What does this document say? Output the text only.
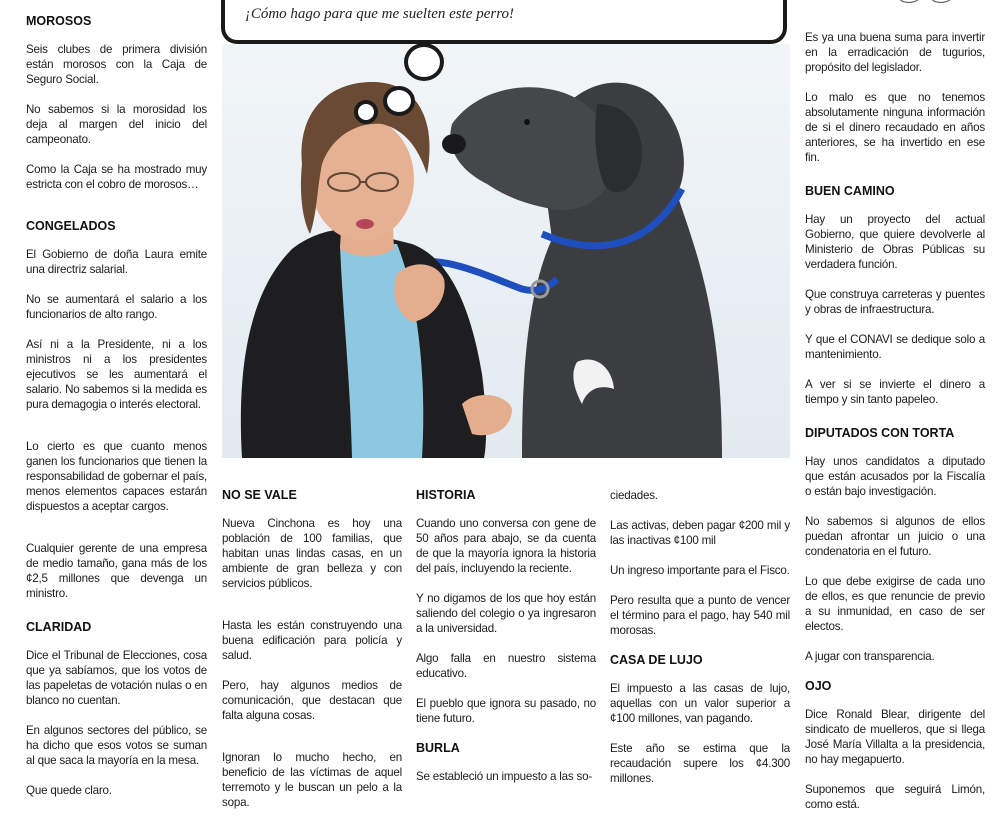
MOROSOS

Seis clubes de primera división están morosos con la Caja de Seguro Social.

No sabemos si la morosidad los deja al margen del inicio del campeonato.

Como la Caja se ha mostrado muy estricta con el cobro de morosos…

CONGELADOS

El Gobierno de doña Laura emite una directriz salarial.

No se aumentará el salario a los funcionarios de alto rango.

Así ni a la Presidente, ni a los ministros ni a los presidentes ejecutivos se les aumentará el salario. No sabemos si la medida es pura demagogia o interés electoral.

Lo cierto es que cuanto menos ganen los funcionarios que tienen la responsabilidad de gobernar el país, menos elementos capaces estarán dispuestos a aceptar cargos.

Cualquier gerente de una empresa de medio tamaño, gana más de los ¢2,5 millones que devenga un ministro.

CLARIDAD

Dice el Tribunal de Elecciones, cosa que ya sabíamos, que los votos de las papeletas de votación nulas o en blanco no cuentan.

En algunos sectores del público, se ha dicho que esos votos se suman al que saca la mayoría en la mesa.

Que quede claro.

¡Cómo hago para que me suelten este perro!
NO SE VALE

Nueva Cinchona es hoy una población de 100 familias, que habitan unas lindas casas, en un ambiente de gran belleza y con servicios públicos.

Hasta les están construyendo una buena edificación para policía y salud.

Pero, hay algunos medios de comunicación, que destacan que falta alguna cosas.

Ignoran lo mucho hecho, en beneficio de las víctimas de aquel terremoto y le buscan un pelo a la sopa.

HISTORIA

Cuando uno conversa con gene de 50 años para abajo, se da cuenta de que la mayoría ignora la historia del país, incluyendo la reciente.

Y no digamos de los que hoy están saliendo del colegio o ya ingresaron a la universidad.

Algo falla en nuestro sistema educativo.

El pueblo que ignora su pasado, no tiene futuro.

BURLA

Se estableció un impuesto a las so-

ciedades.

Las activas, deben pagar ¢200 mil y las inactivas ¢100 mil

Un ingreso importante para el Fisco.

Pero resulta que a punto de vencer el término para el pago, hay 540 mil morosas.

CASA DE LUJO

El impuesto a las casas de lujo, aquellas con un valor superior a ¢100 millones, van pagando.

Este año se estima que la recaudación supere los ¢4.300 millones.

Es ya una buena suma para invertir en la erradicación de tugurios, propósito del legislador.

Lo malo es que no tenemos absolutamente ninguna información de si el dinero recaudado en años anteriores, se ha invertido en ese fin.

BUEN CAMINO

Hay un proyecto del actual Gobierno, que quiere devolverle al Ministerio de Obras Públicas su verdadera función.

Que construya carreteras y puentes y obras de infraestructura.

Y que el CONAVI se dedique solo a mantenimiento.

A ver si se invierte el dinero a tiempo y sin tanto papeleo.

DIPUTADOS CON TORTA

Hay unos candidatos a diputado que están acusados por la Fiscalía o están bajo investigación.

No sabemos si algunos de ellos puedan afrontar un juicio o una condenatoria en el futuro.

Lo que debe exigirse de cada uno de ellos, es que renuncie de previo a su inmunidad, en caso de ser electos.

A jugar con transparencia.

OJO

Dice Ronald Blear, dirigente del sindicato de muelleros, que si llega José María Villalta a la presidencia, no hay megapuerto.

Suponemos que seguirá Limón, como está.
